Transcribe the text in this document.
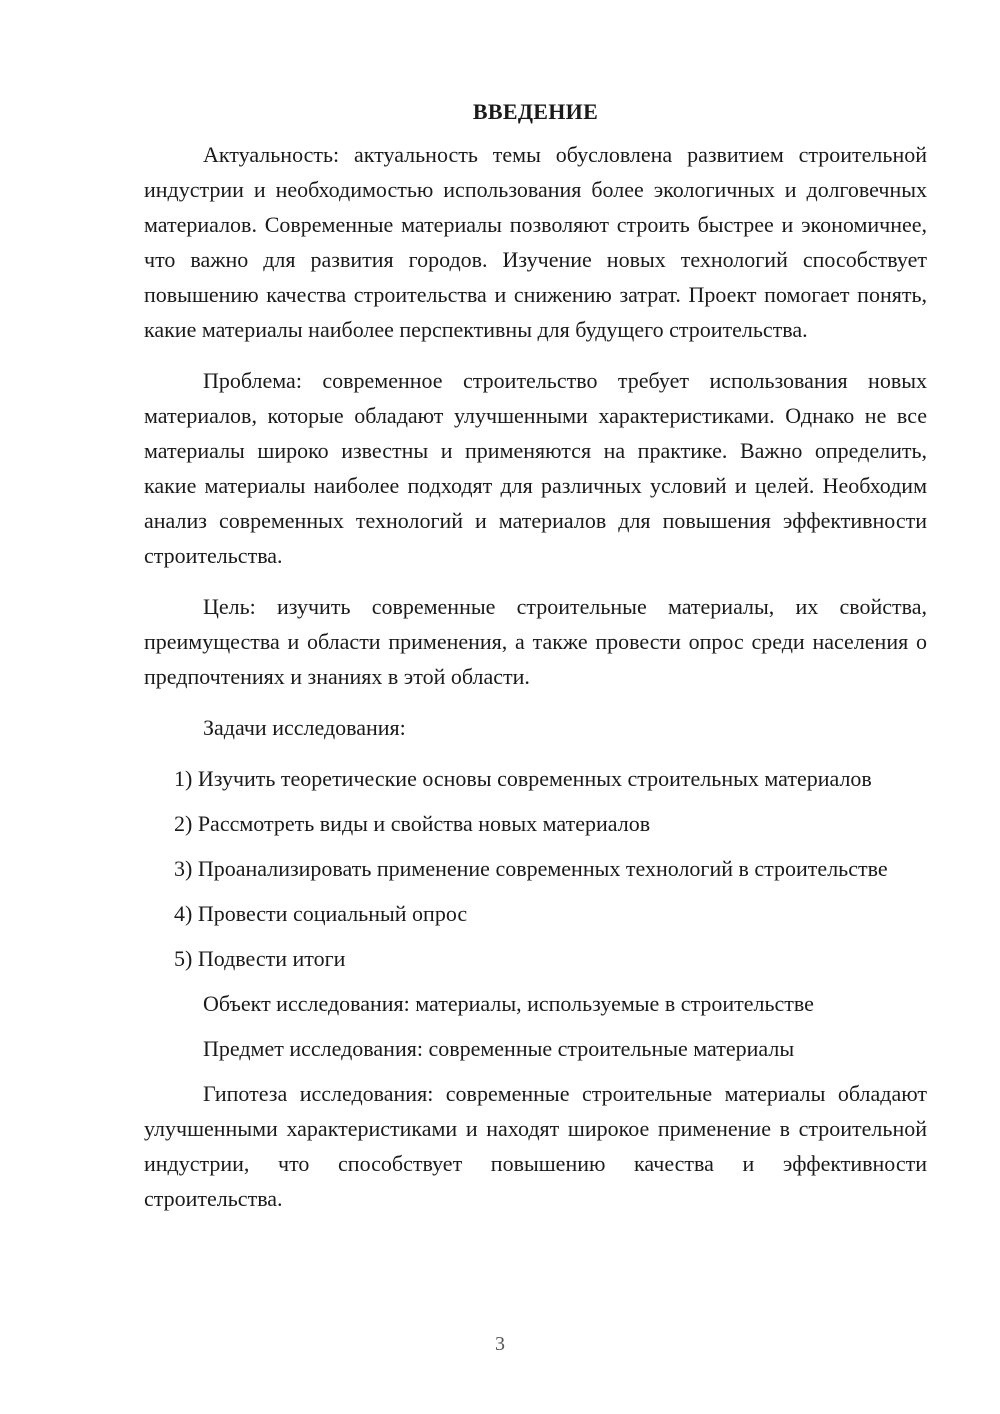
ВВЕДЕНИЕ

Актуальность: актуальность темы обусловлена развитием строительной индустрии и необходимостью использования более экологичных и долговечных материалов. Современные материалы позволяют строить быстрее и экономичнее, что важно для развития городов. Изучение новых технологий способствует повышению качества строительства и снижению затрат. Проект помогает понять, какие материалы наиболее перспективны для будущего строительства.

Проблема: современное строительство требует использования новых материалов, которые обладают улучшенными характеристиками. Однако не все материалы широко известны и применяются на практике. Важно определить, какие материалы наиболее подходят для различных условий и целей. Необходим анализ современных технологий и материалов для повышения эффективности строительства.

Цель: изучить современные строительные материалы, их свойства, преимущества и области применения, а также провести опрос среди населения о предпочтениях и знаниях в этой области.

Задачи исследования:

1) Изучить теоретические основы современных строительных материалов

2) Рассмотреть виды и свойства новых материалов

3) Проанализировать применение современных технологий в строительстве

4) Провести социальный опрос

5) Подвести итоги

Объект исследования: материалы, используемые в строительстве

Предмет исследования: современные строительные материалы

Гипотеза исследования: современные строительные материалы обладают улучшенными характеристиками и находят широкое применение в строительной индустрии, что способствует повышению качества и эффективности строительства.

3
